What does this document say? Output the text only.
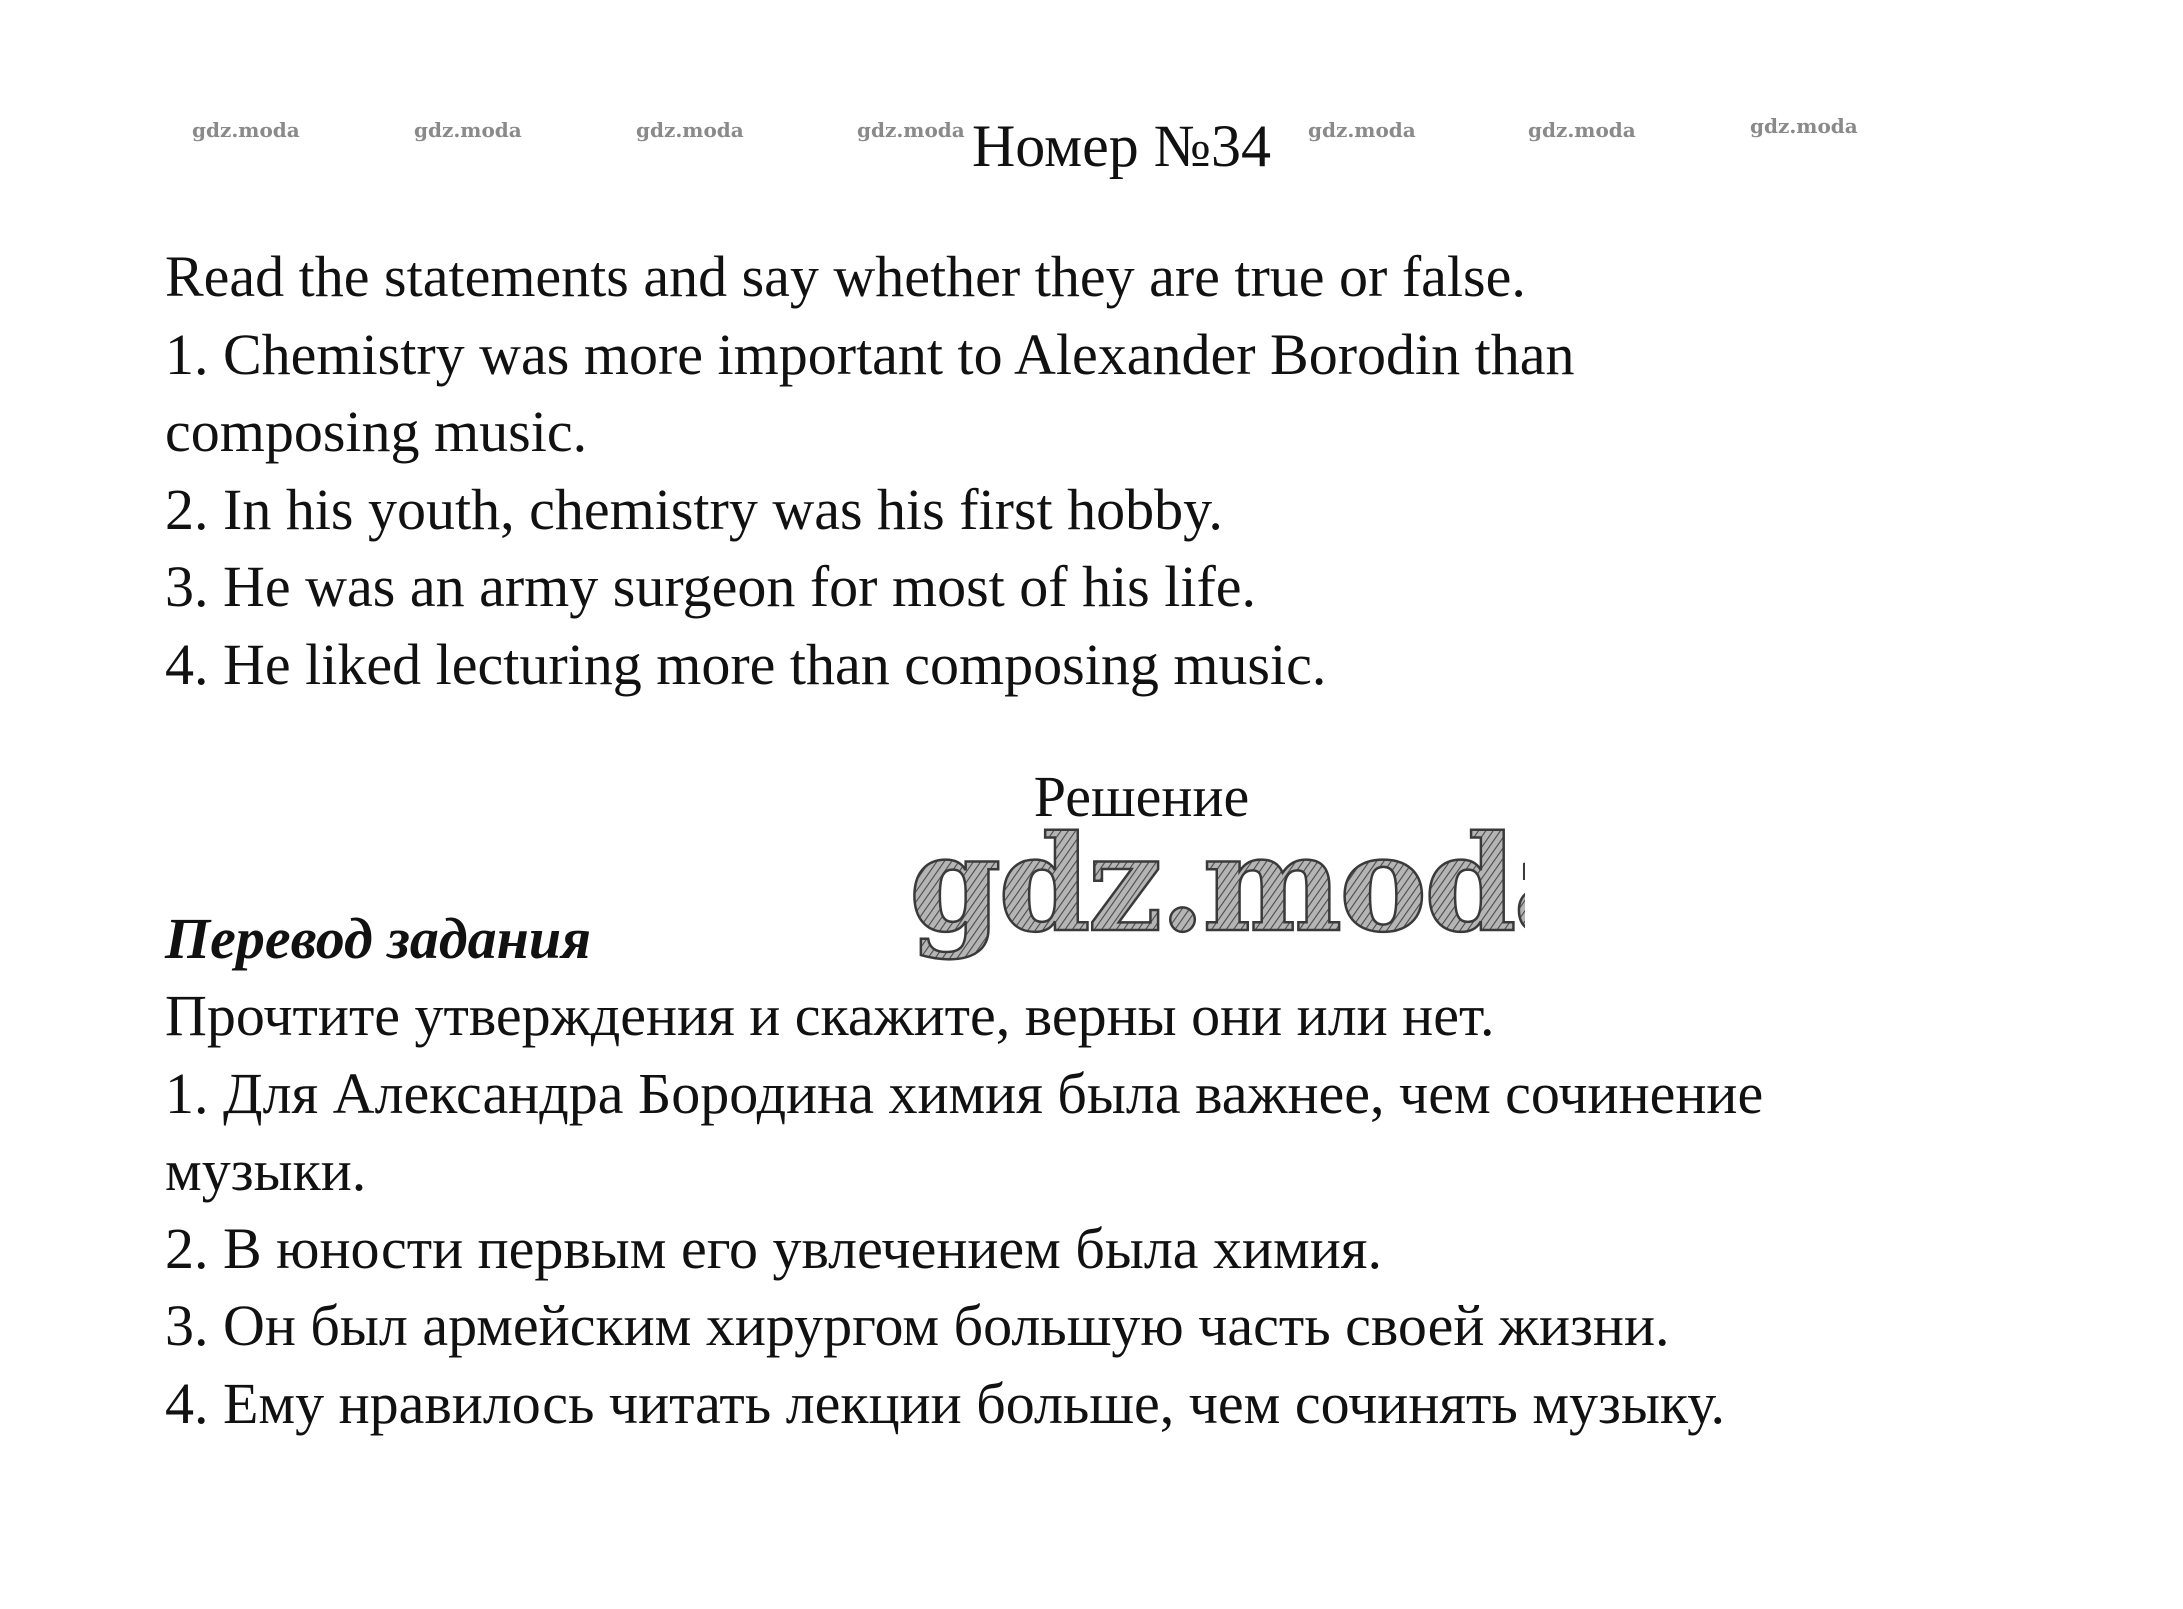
gdz.moda	gdz.moda	gdz.moda	gdz.moda	gdz.moda	gdz.moda	gdz.moda
Номер №34
Read the statements and say whether they are true or false.
1. Chemistry was more important to Alexander Borodin than
composing music.
2. In his youth, chemistry was his first hobby.
3. He was an army surgeon for most of his life.
4. He liked lecturing more than composing music.
Решение
gdz.mod
Перевод задания
Прочтите утверждения и скажите, верны они или нет.
1. Для Александра Бородина химия была важнее, чем сочинение
музыки.
2. В юности первым его увлечением была химия.
3. Он был армейским хирургом большую часть своей жизни.
4. Ему нравилось читать лекции больше, чем сочинять музыку.
